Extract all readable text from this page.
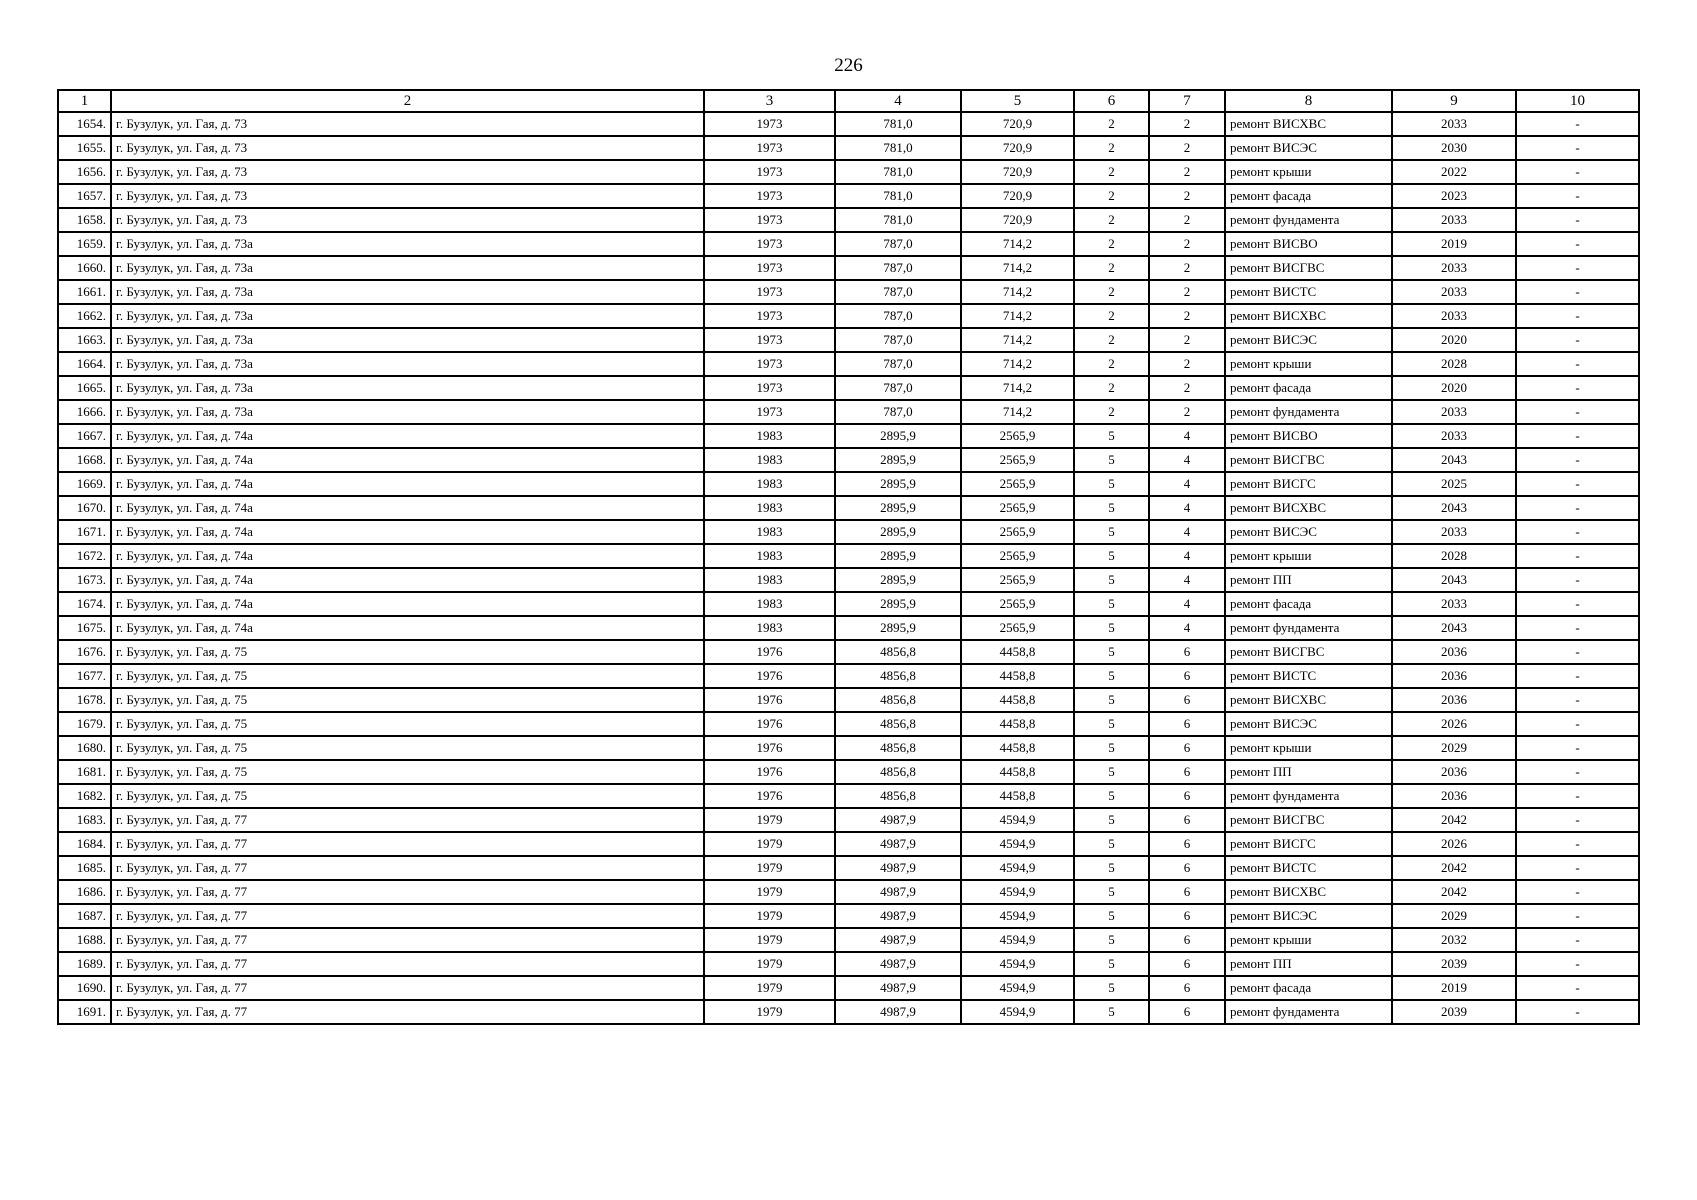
226
1	2	3	4	5	6	7	8	9	10
1654.	г. Бузулук, ул. Гая, д. 73	1973	781,0	720,9	2	2	ремонт ВИСХВС	2033	-
1655.	г. Бузулук, ул. Гая, д. 73	1973	781,0	720,9	2	2	ремонт ВИСЭС	2030	-
1656.	г. Бузулук, ул. Гая, д. 73	1973	781,0	720,9	2	2	ремонт крыши	2022	-
1657.	г. Бузулук, ул. Гая, д. 73	1973	781,0	720,9	2	2	ремонт фасада	2023	-
1658.	г. Бузулук, ул. Гая, д. 73	1973	781,0	720,9	2	2	ремонт фундамента	2033	-
1659.	г. Бузулук, ул. Гая, д. 73а	1973	787,0	714,2	2	2	ремонт ВИСВО	2019	-
1660.	г. Бузулук, ул. Гая, д. 73а	1973	787,0	714,2	2	2	ремонт ВИСГВС	2033	-
1661.	г. Бузулук, ул. Гая, д. 73а	1973	787,0	714,2	2	2	ремонт ВИСТС	2033	-
1662.	г. Бузулук, ул. Гая, д. 73а	1973	787,0	714,2	2	2	ремонт ВИСХВС	2033	-
1663.	г. Бузулук, ул. Гая, д. 73а	1973	787,0	714,2	2	2	ремонт ВИСЭС	2020	-
1664.	г. Бузулук, ул. Гая, д. 73а	1973	787,0	714,2	2	2	ремонт крыши	2028	-
1665.	г. Бузулук, ул. Гая, д. 73а	1973	787,0	714,2	2	2	ремонт фасада	2020	-
1666.	г. Бузулук, ул. Гая, д. 73а	1973	787,0	714,2	2	2	ремонт фундамента	2033	-
1667.	г. Бузулук, ул. Гая, д. 74а	1983	2895,9	2565,9	5	4	ремонт ВИСВО	2033	-
1668.	г. Бузулук, ул. Гая, д. 74а	1983	2895,9	2565,9	5	4	ремонт ВИСГВС	2043	-
1669.	г. Бузулук, ул. Гая, д. 74а	1983	2895,9	2565,9	5	4	ремонт ВИСГС	2025	-
1670.	г. Бузулук, ул. Гая, д. 74а	1983	2895,9	2565,9	5	4	ремонт ВИСХВС	2043	-
1671.	г. Бузулук, ул. Гая, д. 74а	1983	2895,9	2565,9	5	4	ремонт ВИСЭС	2033	-
1672.	г. Бузулук, ул. Гая, д. 74а	1983	2895,9	2565,9	5	4	ремонт крыши	2028	-
1673.	г. Бузулук, ул. Гая, д. 74а	1983	2895,9	2565,9	5	4	ремонт ПП	2043	-
1674.	г. Бузулук, ул. Гая, д. 74а	1983	2895,9	2565,9	5	4	ремонт фасада	2033	-
1675.	г. Бузулук, ул. Гая, д. 74а	1983	2895,9	2565,9	5	4	ремонт фундамента	2043	-
1676.	г. Бузулук, ул. Гая, д. 75	1976	4856,8	4458,8	5	6	ремонт ВИСГВС	2036	-
1677.	г. Бузулук, ул. Гая, д. 75	1976	4856,8	4458,8	5	6	ремонт ВИСТС	2036	-
1678.	г. Бузулук, ул. Гая, д. 75	1976	4856,8	4458,8	5	6	ремонт ВИСХВС	2036	-
1679.	г. Бузулук, ул. Гая, д. 75	1976	4856,8	4458,8	5	6	ремонт ВИСЭС	2026	-
1680.	г. Бузулук, ул. Гая, д. 75	1976	4856,8	4458,8	5	6	ремонт крыши	2029	-
1681.	г. Бузулук, ул. Гая, д. 75	1976	4856,8	4458,8	5	6	ремонт ПП	2036	-
1682.	г. Бузулук, ул. Гая, д. 75	1976	4856,8	4458,8	5	6	ремонт фундамента	2036	-
1683.	г. Бузулук, ул. Гая, д. 77	1979	4987,9	4594,9	5	6	ремонт ВИСГВС	2042	-
1684.	г. Бузулук, ул. Гая, д. 77	1979	4987,9	4594,9	5	6	ремонт ВИСГС	2026	-
1685.	г. Бузулук, ул. Гая, д. 77	1979	4987,9	4594,9	5	6	ремонт ВИСТС	2042	-
1686.	г. Бузулук, ул. Гая, д. 77	1979	4987,9	4594,9	5	6	ремонт ВИСХВС	2042	-
1687.	г. Бузулук, ул. Гая, д. 77	1979	4987,9	4594,9	5	6	ремонт ВИСЭС	2029	-
1688.	г. Бузулук, ул. Гая, д. 77	1979	4987,9	4594,9	5	6	ремонт крыши	2032	-
1689.	г. Бузулук, ул. Гая, д. 77	1979	4987,9	4594,9	5	6	ремонт ПП	2039	-
1690.	г. Бузулук, ул. Гая, д. 77	1979	4987,9	4594,9	5	6	ремонт фасада	2019	-
1691.	г. Бузулук, ул. Гая, д. 77	1979	4987,9	4594,9	5	6	ремонт фундамента	2039	-
